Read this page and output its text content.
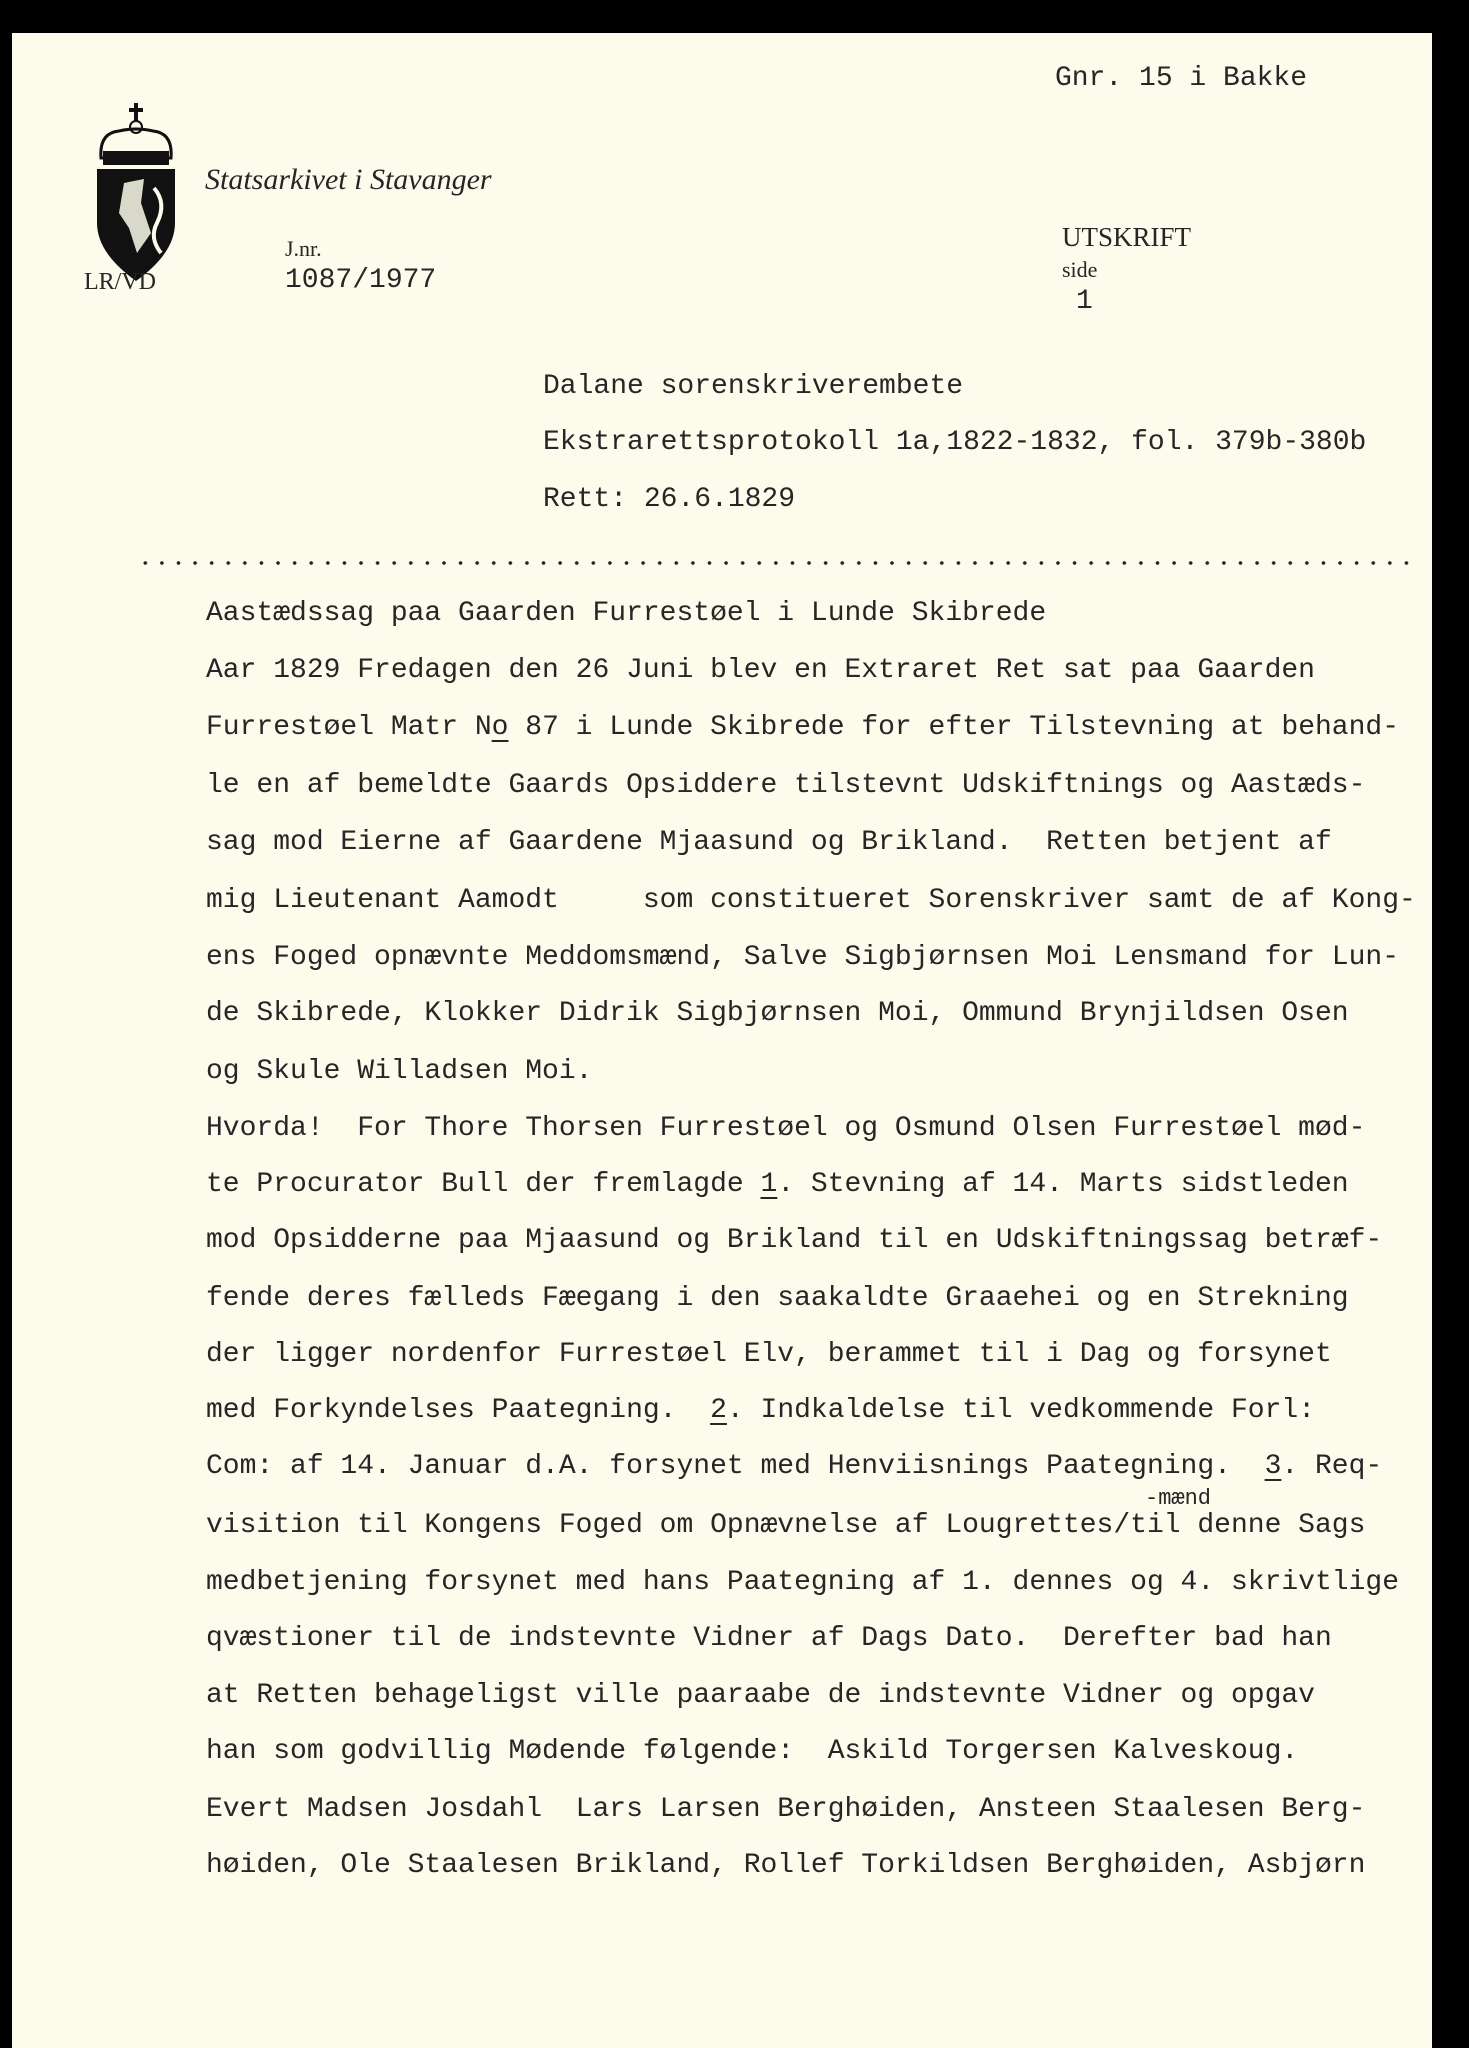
Gnr. 15 i Bakke
LR/VD
Statsarkivet i Stavanger

J.nr.
1087/1977

UTSKRIFT
side
1

Dalane sorenskriverembete
Ekstrarettsprotokoll 1a,1822-1832, fol. 379b-380b
Rett: 26.6.1829
-mænd
Aastædssag paa Gaarden Furrestøel i Lunde Skibrede
Aar 1829 Fredagen den 26 Juni blev en Extraret Ret sat paa Gaarden
Furrestøel Matr No 87 i Lunde Skibrede for efter Tilstevning at behand-
le en af bemeldte Gaards Opsiddere tilstevnt Udskiftnings og Aastæds-
sag mod Eierne af Gaardene Mjaasund og Brikland.  Retten betjent af
mig Lieutenant Aamodt     som constitueret Sorenskriver samt de af Kong-
ens Foged opnævnte Meddomsmænd, Salve Sigbjørnsen Moi Lensmand for Lun-
de Skibrede, Klokker Didrik Sigbjørnsen Moi, Ommund Brynjildsen Osen
og Skule Willadsen Moi.
Hvorda!  For Thore Thorsen Furrestøel og Osmund Olsen Furrestøel mød-
te Procurator Bull der fremlagde 1. Stevning af 14. Marts sidstleden
mod Opsidderne paa Mjaasund og Brikland til en Udskiftningssag betræf-
fende deres fælleds Fæegang i den saakaldte Graaehei og en Strekning
der ligger nordenfor Furrestøel Elv, berammet til i Dag og forsynet
med Forkyndelses Paategning.  2. Indkaldelse til vedkommende Forl:
Com: af 14. Januar d.A. forsynet med Henviisnings Paategning.  3. Req-
visition til Kongens Foged om Opnævnelse af Lougrettes/til denne Sags
medbetjening forsynet med hans Paategning af 1. dennes og 4. skrivtlige
qvæstioner til de indstevnte Vidner af Dags Dato.  Derefter bad han
at Retten behageligst ville paaraabe de indstevnte Vidner og opgav
han som godvillig Mødende følgende:  Askild Torgersen Kalveskoug.
Evert Madsen Josdahl  Lars Larsen Berghøiden, Ansteen Staalesen Berg-
høiden, Ole Staalesen Brikland, Rollef Torkildsen Berghøiden, Asbjørn
